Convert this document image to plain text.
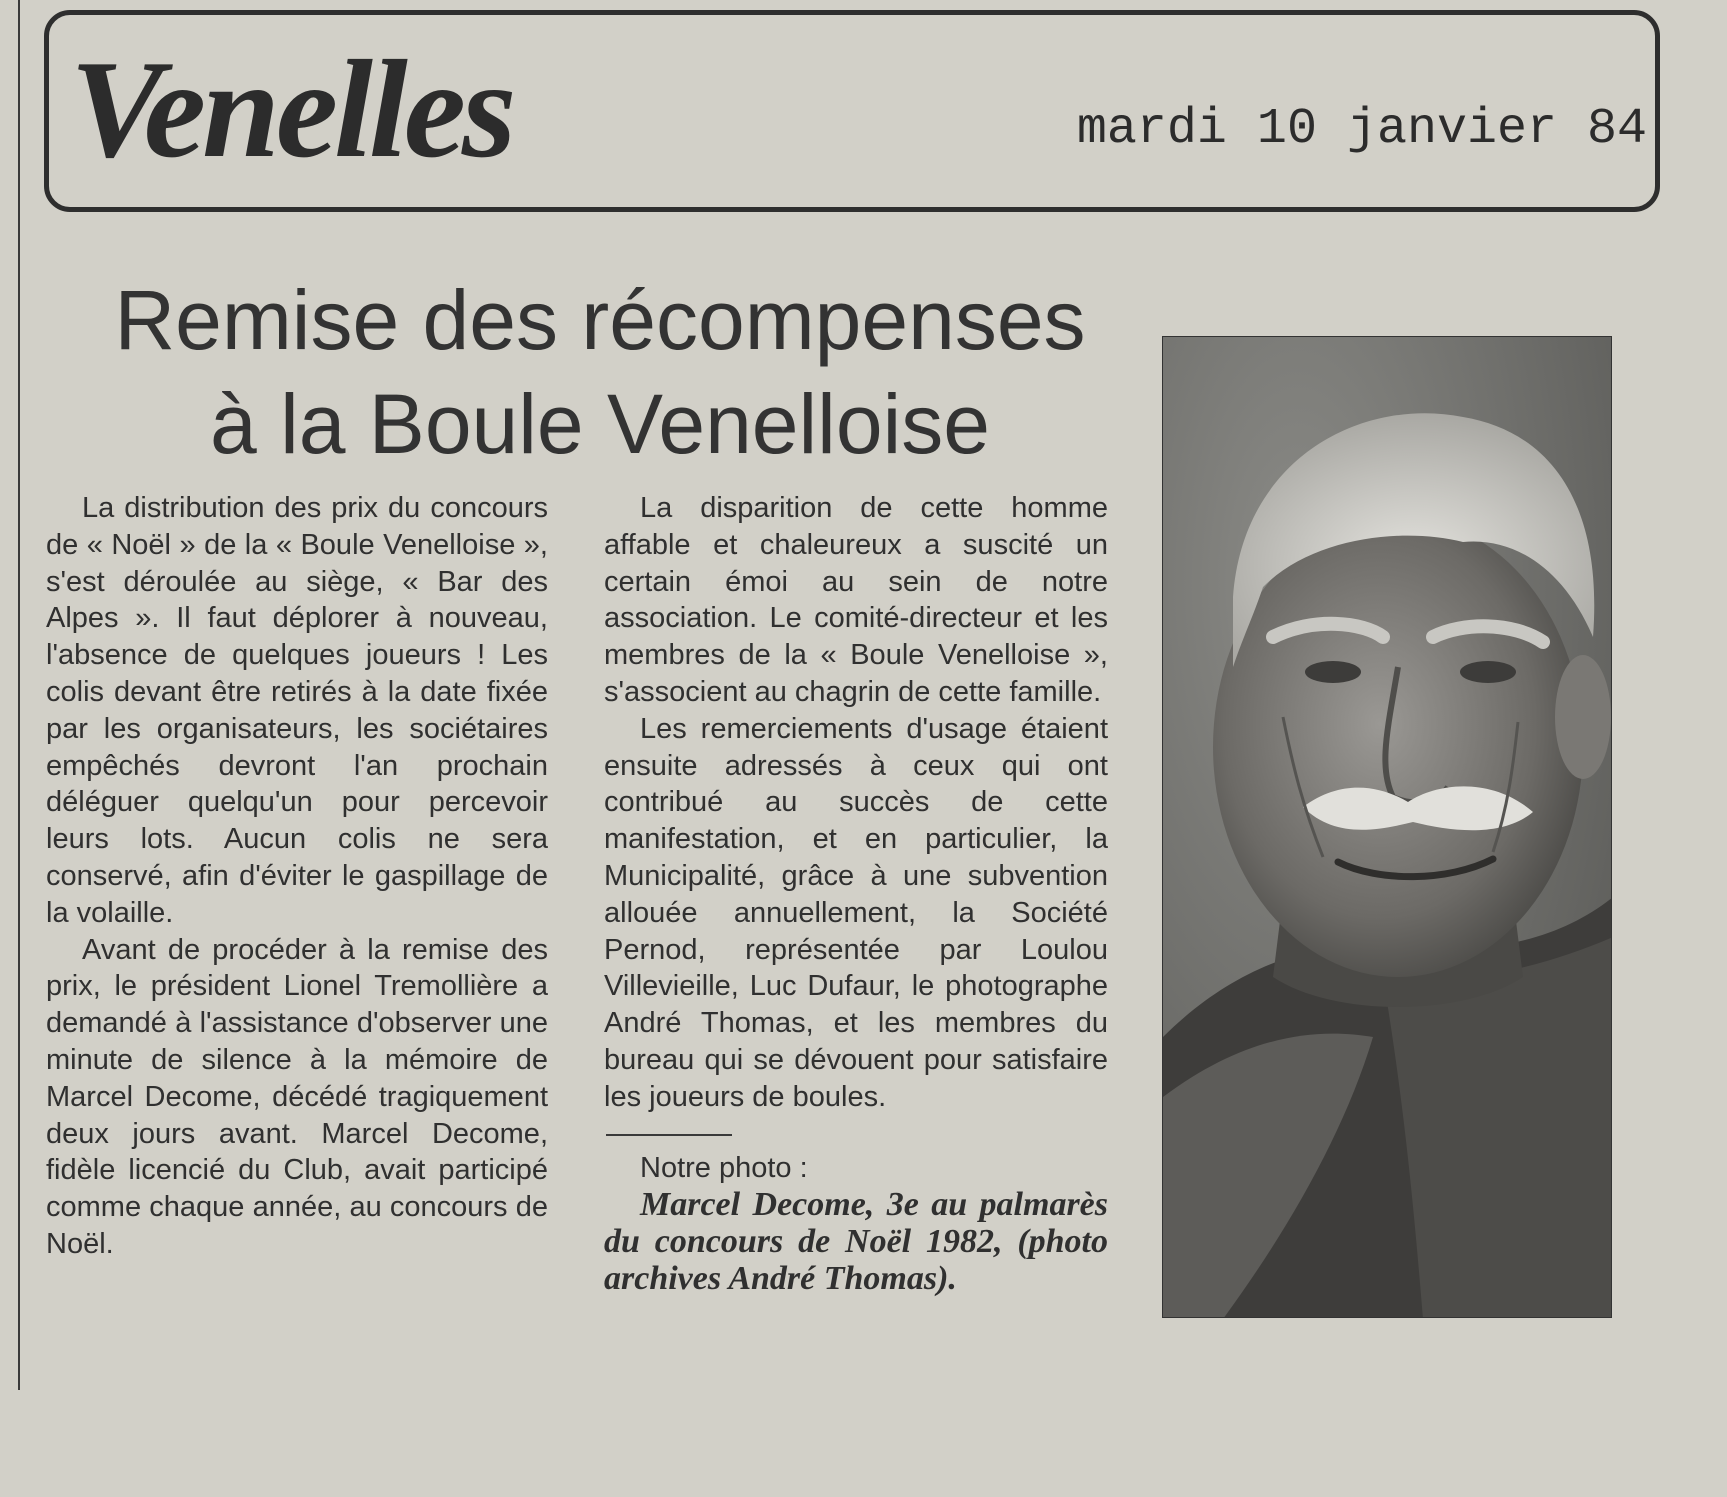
Venelles	mardi 10 janvier 84
Remise des récompenses
à la Boule Venelloise

La distribution des prix du concours de « Noël » de la « Boule Venelloise », s'est déroulée au siège, « Bar des Alpes ». Il faut déplorer à nouveau, l'absence de quelques joueurs ! Les colis devant être retirés à la date fixée par les organisateurs, les sociétaires empêchés devront l'an prochain déléguer quelqu'un pour percevoir leurs lots. Aucun colis ne sera conservé, afin d'éviter le gaspillage de la volaille.

Avant de procéder à la remise des prix, le président Lionel Tremollière a demandé à l'assistance d'observer une minute de silence à la mémoire de Marcel Decome, décédé tragiquement deux jours avant. Marcel Decome, fidèle licencié du Club, avait participé comme chaque année, au concours de Noël.

La disparition de cette homme affable et chaleureux a suscité un certain émoi au sein de notre association. Le comité-directeur et les membres de la « Boule Venelloise », s'associent au chagrin de cette famille.

Les remerciements d'usage étaient ensuite adressés à ceux qui ont contribué au succès de cette manifestation, et en particulier, la Municipalité, grâce à une subvention allouée annuellement, la Société Pernod, représentée par Loulou Villevieille, Luc Dufaur, le photographe André Thomas, et les membres du bureau qui se dévouent pour satisfaire les joueurs de boules.

Notre photo :

Marcel Decome, 3e au palmarès du concours de Noël 1982, (photo archives André Thomas).
